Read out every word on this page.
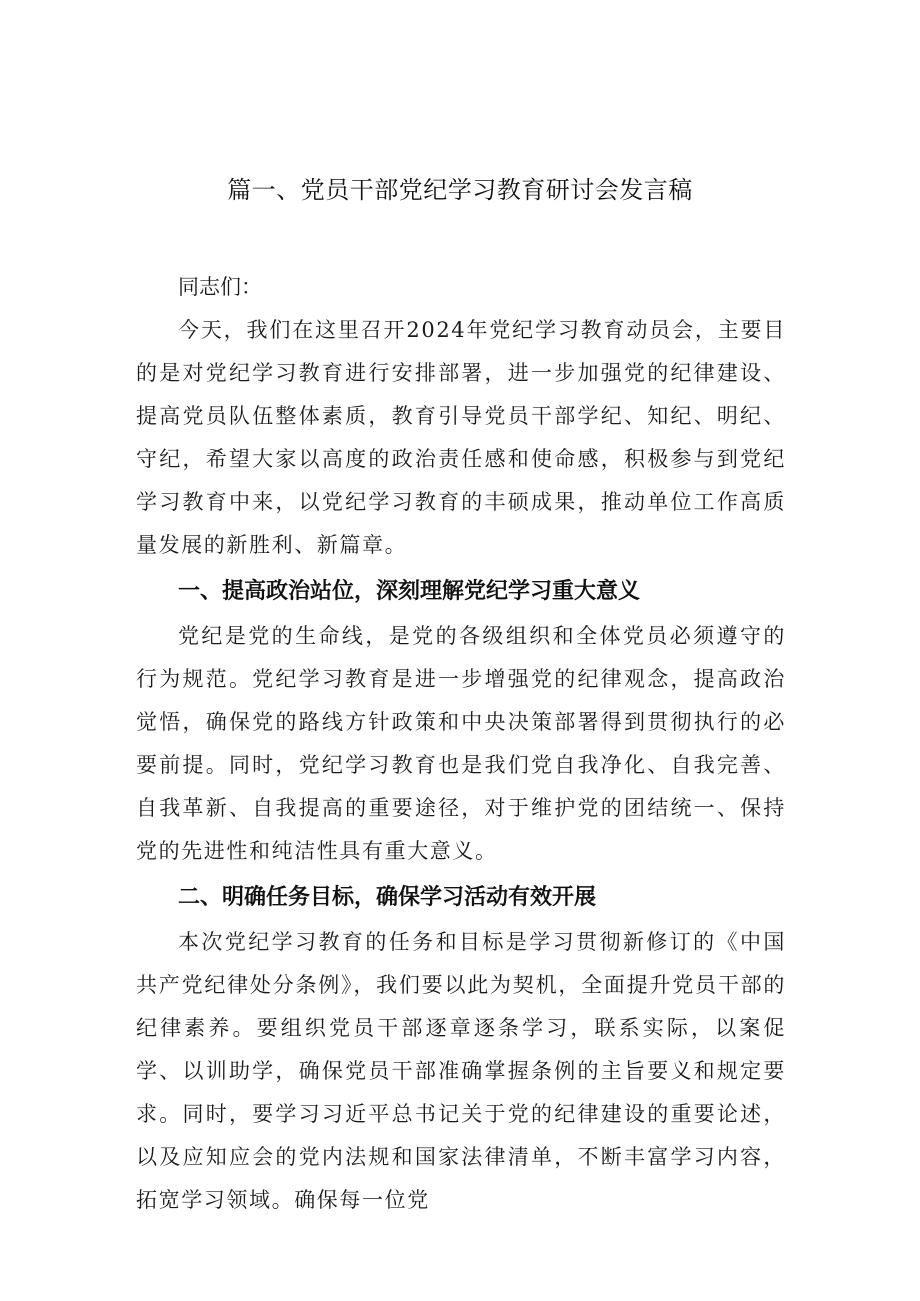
篇一、党员干部党纪学习教育研讨会发言稿

同志们：

今天，我们在这里召开2024年党纪学习教育动员会，主要目的是对党纪学习教育进行安排部署，进一步加强党的纪律建设、提高党员队伍整体素质，教育引导党员干部学纪、知纪、明纪、守纪，希望大家以高度的政治责任感和使命感，积极参与到党纪学习教育中来，以党纪学习教育的丰硕成果，推动单位工作高质量发展的新胜利、新篇章。

一、提高政治站位，深刻理解党纪学习重大意义

党纪是党的生命线，是党的各级组织和全体党员必须遵守的行为规范。党纪学习教育是进一步增强党的纪律观念，提高政治觉悟，确保党的路线方针政策和中央决策部署得到贯彻执行的必要前提。同时，党纪学习教育也是我们党自我净化、自我完善、自我革新、自我提高的重要途径，对于维护党的团结统一、保持党的先进性和纯洁性具有重大意义。

二、明确任务目标，确保学习活动有效开展

本次党纪学习教育的任务和目标是学习贯彻新修订的《中国共产党纪律处分条例》，我们要以此为契机，全面提升党员干部的纪律素养。要组织党员干部逐章逐条学习，联系实际，以案促学、以训助学，确保党员干部准确掌握条例的主旨要义和规定要求。同时，要学习习近平总书记关于党的纪律建设的重要论述，以及应知应会的党内法规和国家法律清单，不断丰富学习内容，拓宽学习领域。确保每一位党
